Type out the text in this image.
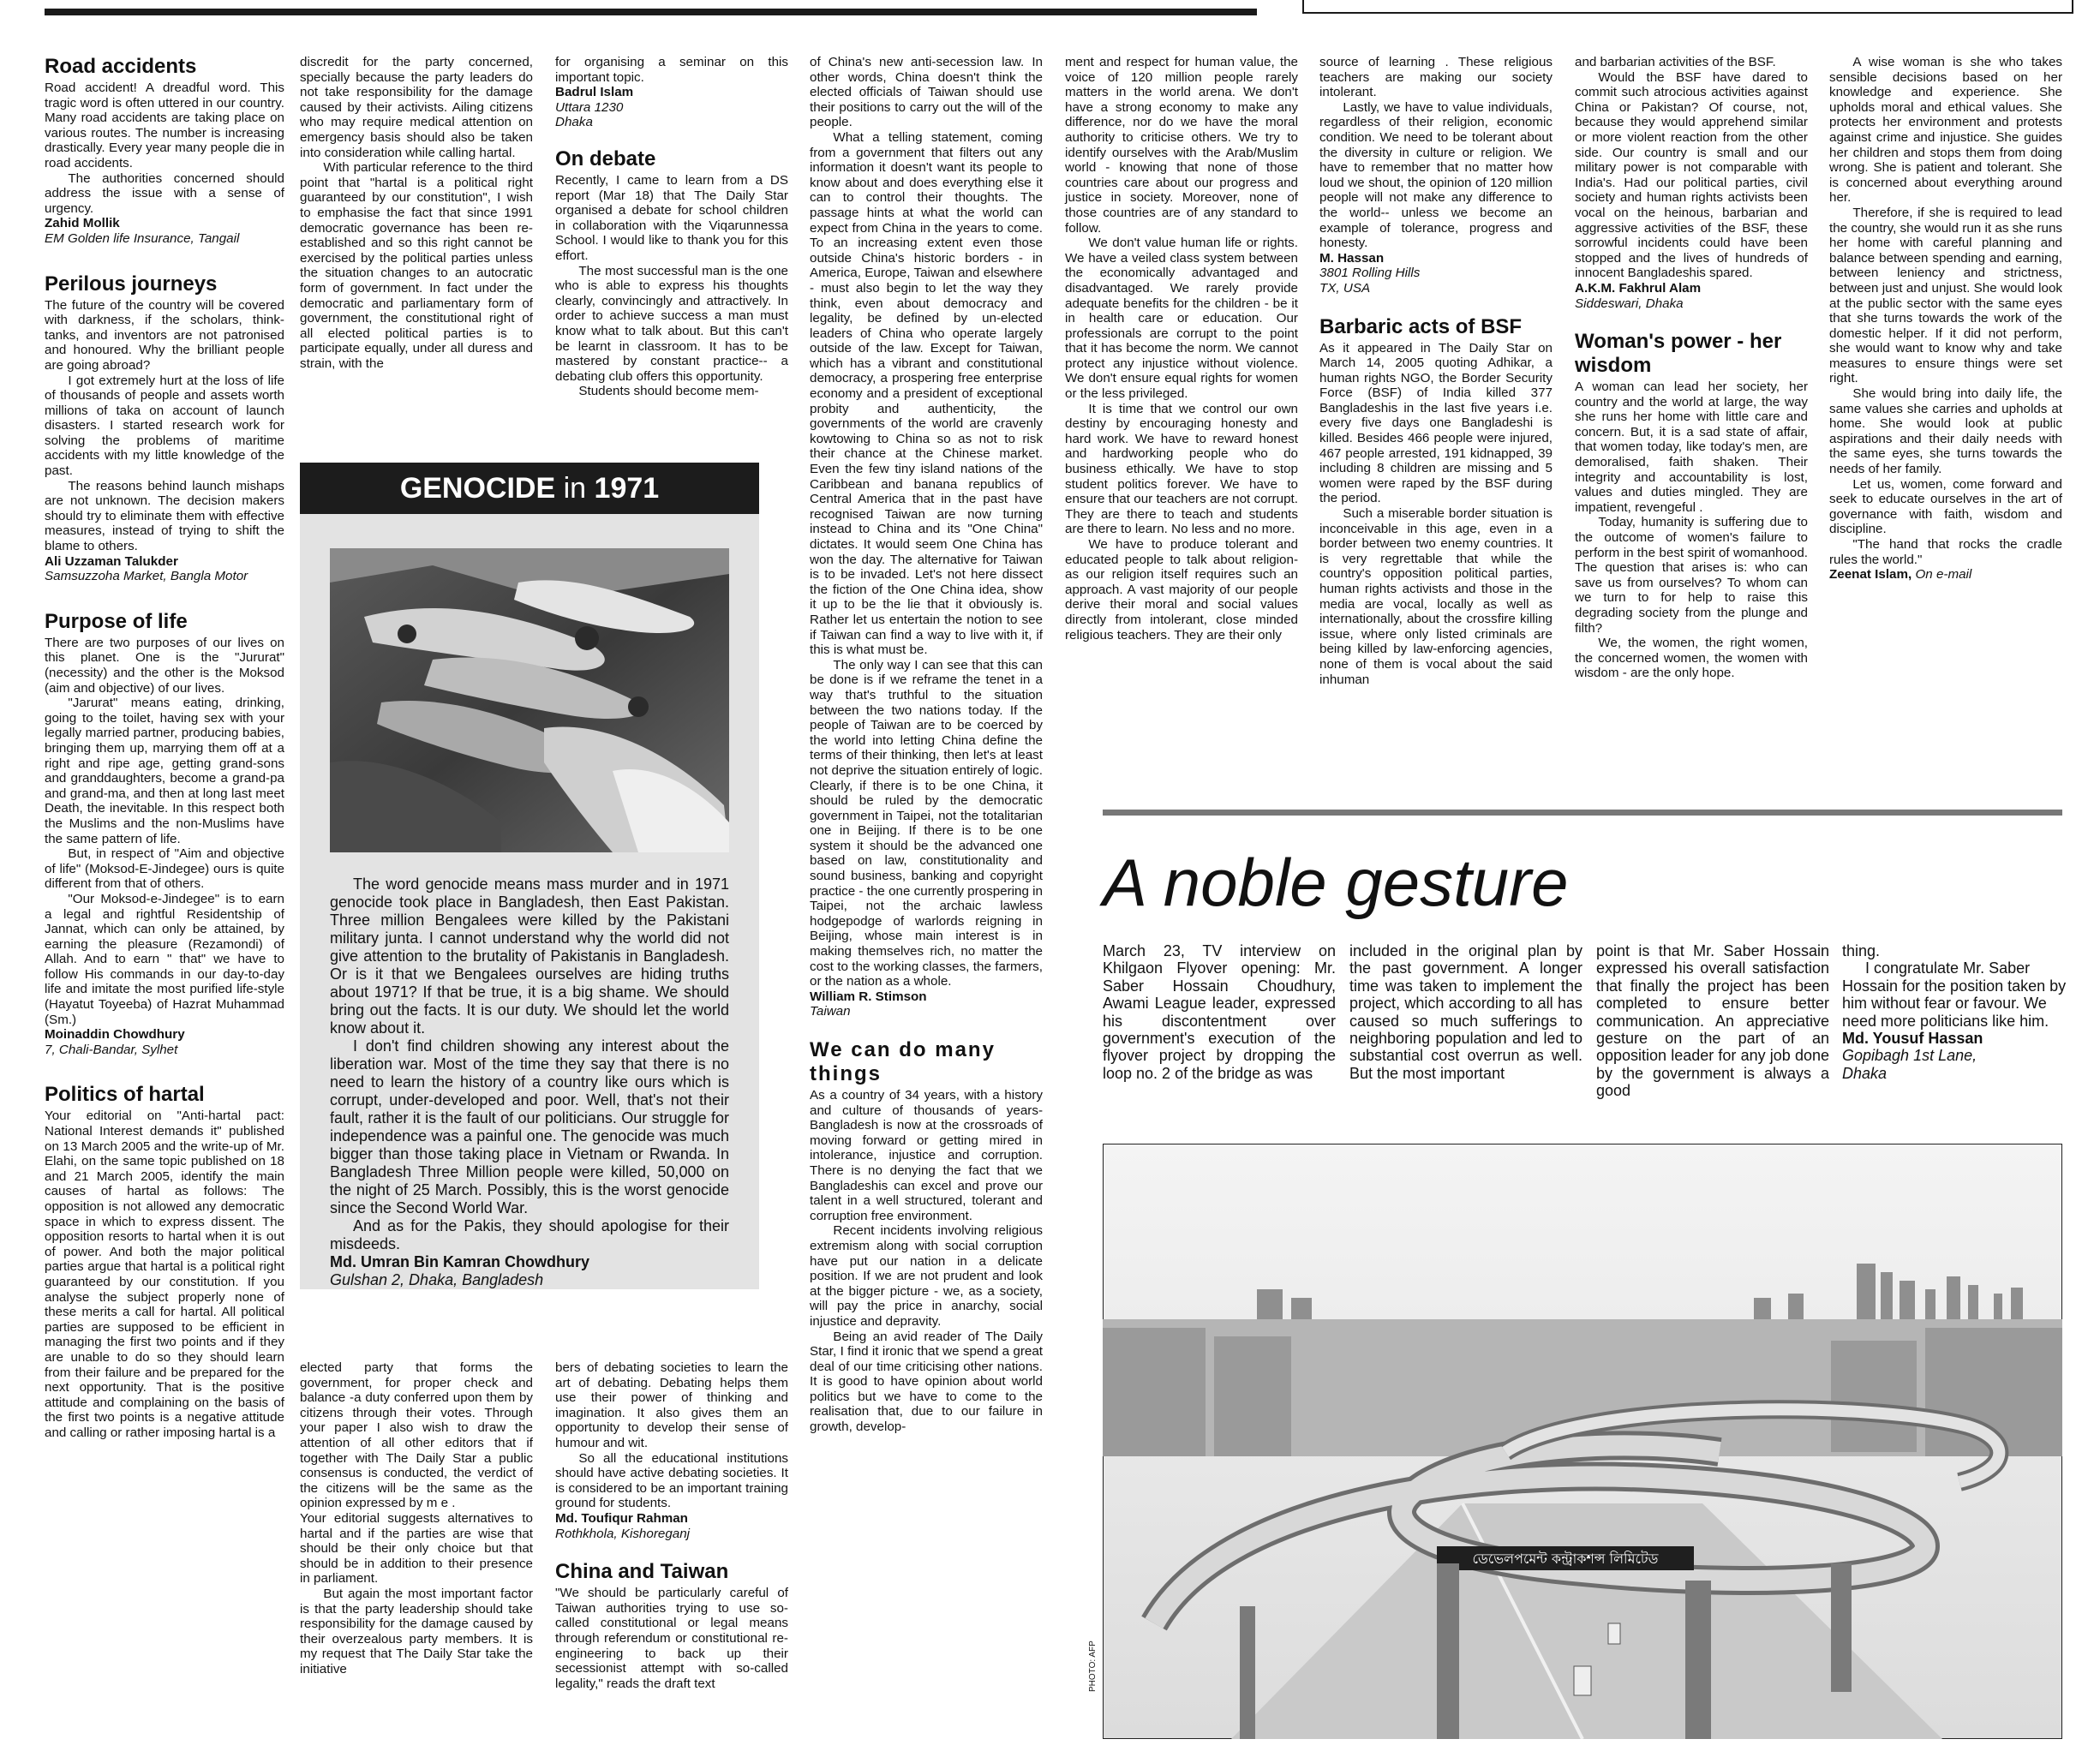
Road accidents

Road accident! A dreadful word. This tragic word is often uttered in our country. Many road accidents are taking place on various routes. The number is increasing drastically. Every year many people die in road accidents.

The authorities concerned should address the issue with a sense of urgency.

Zahid Mollik
EM Golden life Insurance, Tangail
Perilous journeys

The future of the country will be covered with darkness, if the scholars, think-tanks, and inventors are not patronised and honoured. Why the brilliant people are going abroad?

I got extremely hurt at the loss of life of thousands of people and assets worth millions of taka on account of launch disasters. I started research work for solving the problems of maritime accidents with my little knowledge of the past.

The reasons behind launch mishaps are not unknown. The decision makers should try to eliminate them with effective measures, instead of trying to shift the blame to others.

Ali Uzzaman Talukder
Samsuzzoha Market, Bangla Motor
Purpose of life

There are two purposes of our lives on this planet. One is the "Jururat" (necessity) and the other is the Moksod (aim and objective) of our lives.

"Jarurat" means eating, drinking, going to the toilet, having sex with your legally married partner, producing babies, bringing them up, marrying them off at a right and ripe age, getting grand-sons and granddaughters, become a grand-pa and grand-ma, and then at long last meet Death, the inevitable. In this respect both the Muslims and the non-Muslims have the same pattern of life.

But, in respect of "Aim and objective of life" (Moksod-E-Jindegee) ours is quite different from that of others.

"Our Moksod-e-Jindegee" is to earn a legal and rightful Residentship of Jannat, which can only be attained, by earning the pleasure (Rezamondi) of Allah. And to earn " that" we have to follow His commands in our day-to-day life and imitate the most purified life-style (Hayatut Toyeeba) of Hazrat Muhammad (Sm.)

Moinaddin Chowdhury
7, Chali-Bandar, Sylhet
Politics of hartal

Your editorial on "Anti-hartal pact: National Interest demands it" published on 13 March 2005 and the write-up of Mr. Elahi, on the same topic published on 18 and 21 March 2005, identify the main causes of hartal as follows: The opposition is not allowed any democratic space in which to express dissent. The opposition resorts to hartal when it is out of power. And both the major political parties argue that hartal is a political right guaranteed by our constitution. If you analyse the subject properly none of these merits a call for hartal. All political parties are supposed to be efficient in managing the first two points and if they are unable to do so they should learn from their failure and be prepared for the next opportunity. That is the positive attitude and complaining on the basis of the first two points is a negative attitude and calling or rather imposing hartal is a

discredit for the party concerned, specially because the party leaders do not take responsibility for the damage caused by their activists. Ailing citizens who may require medical attention on emergency basis should also be taken into consideration while calling hartal.

With particular reference to the third point that "hartal is a political right guaranteed by our constitution", I wish to emphasise the fact that since 1991 democratic governance has been re-established and so this right cannot be exercised by the political parties unless the situation changes to an autocratic form of government. In fact under the democratic and parliamentary form of government, the constitutional right of all elected political parties is to participate equally, under all duress and strain, with the

for organising a seminar on this important topic.

Badrul Islam
Uttara 1230
Dhaka
On debate

Recently, I came to learn from a DS report (Mar 18) that The Daily Star organised a debate for school children in collaboration with the Viqarunnessa School. I would like to thank you for this effort.

The most successful man is the one who is able to express his thoughts clearly, convincingly and attractively. In order to achieve success a man must know what to talk about. But this can't be learnt in classroom. It has to be mastered by constant practice-- a debating club offers this opportunity.

Students should become mem-

GENOCIDE in 1971

The word genocide means mass murder and in 1971 genocide took place in Bangladesh, then East Pakistan. Three million Bengalees were killed by the Pakistani military junta. I cannot understand why the world did not give attention to the brutality of Pakistanis in Bangladesh. Or is it that we Bengalees ourselves are hiding truths about 1971? If that be true, it is a big shame. We should bring out the facts. It is our duty. We should let the world know about it.

I don't find children showing any interest about the liberation war. Most of the time they say that there is no need to learn the history of a country like ours which is corrupt, under-developed and poor. Well, that's not their fault, rather it is the fault of our politicians. Our struggle for independence was a painful one. The genocide was much bigger than those taking place in Vietnam or Rwanda. In Bangladesh Three Million people were killed, 50,000 on the night of 25 March. Possibly, this is the worst genocide since the Second World War.

And as for the Pakis, they should apologise for their misdeeds.

Md. Umran Bin Kamran Chowdhury
Gulshan 2, Dhaka, Bangladesh

elected party that forms the government, for proper check and balance -a duty conferred upon them by citizens through their votes. Through your paper I also wish to draw the attention of all other editors that if together with The Daily Star a public consensus is conducted, the verdict of the citizens will be the same as the opinion expressed by m e .

Your editorial suggests alternatives to hartal and if the parties are wise that should be their only choice but that should be in addition to their presence in parliament.

But again the most important factor is that the party leadership should take responsibility for the damage caused by their overzealous party members. It is my request that The Daily Star take the initiative

bers of debating societies to learn the art of debating. Debating helps them use their power of thinking and imagination. It also gives them an opportunity to develop their sense of humour and wit.

So all the educational institutions should have active debating societies. It is considered to be an important training ground for students.

Md. Toufiqur Rahman
Rothkhola, Kishoreganj
China and Taiwan

"We should be particularly careful of Taiwan authorities trying to use so-called constitutional or legal means through referendum or constitutional re-engineering to back up their secessionist attempt with so-called legality," reads the draft text

of China's new anti-secession law. In other words, China doesn't think the elected officials of Taiwan should use their positions to carry out the will of the people.

What a telling statement, coming from a government that filters out any information it doesn't want its people to know about and does everything else it can to control their thoughts. The passage hints at what the world can expect from China in the years to come. To an increasing extent even those outside China's historic borders - in America, Europe, Taiwan and elsewhere - must also begin to let the way they think, even about democracy and legality, be defined by un-elected leaders of China who operate largely outside of the law. Except for Taiwan, which has a vibrant and constitutional democracy, a prospering free enterprise economy and a president of exceptional probity and authenticity, the governments of the world are cravenly kowtowing to China so as not to risk their chance at the Chinese market. Even the few tiny island nations of the Caribbean and banana republics of Central America that in the past have recognised Taiwan are now turning instead to China and its "One China" dictates. It would seem One China has won the day. The alternative for Taiwan is to be invaded. Let's not here dissect the fiction of the One China idea, show it up to be the lie that it obviously is. Rather let us entertain the notion to see if Taiwan can find a way to live with it, if this is what must be.

The only way I can see that this can be done is if we reframe the tenet in a way that's truthful to the situation between the two nations today. If the people of Taiwan are to be coerced by the world into letting China define the terms of their thinking, then let's at least not deprive the situation entirely of logic. Clearly, if there is to be one China, it should be ruled by the democratic government in Taipei, not the totalitarian one in Beijing. If there is to be one system it should be the advanced one based on law, constitutionality and sound business, banking and copyright practice - the one currently prospering in Taipei, not the archaic lawless hodgepodge of warlords reigning in Beijing, whose main interest is in making themselves rich, no matter the cost to the working classes, the farmers, or the nation as a whole.

William R. Stimson
Taiwan
We can do many things

As a country of 34 years, with a history and culture of thousands of years- Bangladesh is now at the crossroads of moving forward or getting mired in intolerance, injustice and corruption. There is no denying the fact that we Bangladeshis can excel and prove our talent in a well structured, tolerant and corruption free environment.

Recent incidents involving religious extremism along with social corruption have put our nation in a delicate position. If we are not prudent and look at the bigger picture - we, as a society, will pay the price in anarchy, social injustice and depravity.

Being an avid reader of The Daily Star, I find it ironic that we spend a great deal of our time criticising other nations. It is good to have opinion about world politics but we have to come to the realisation that, due to our failure in growth, develop-

ment and respect for human value, the voice of 120 million people rarely matters in the world arena. We don't have a strong economy to make any difference, nor do we have the moral authority to criticise others. We try to identify ourselves with the Arab/Muslim world - knowing that none of those countries care about our progress and justice in society. Moreover, none of those countries are of any standard to follow.

We don't value human life or rights. We have a veiled class system between the economically advantaged and disadvantaged. We rarely provide adequate benefits for the children - be it in health care or education. Our professionals are corrupt to the point that it has become the norm. We cannot protect any injustice without violence. We don't ensure equal rights for women or the less privileged.

It is time that we control our own destiny by encouraging honesty and hard work. We have to reward honest and hardworking people who do business ethically. We have to stop student politics forever. We have to ensure that our teachers are not corrupt. They are there to teach and students are there to learn. No less and no more.

We have to produce tolerant and educated people to talk about religion- as our religion itself requires such an approach. A vast majority of our people derive their moral and social values directly from intolerant, close minded religious teachers. They are their only

source of learning . These religious teachers are making our society intolerant.

Lastly, we have to value individuals, regardless of their religion, economic condition. We need to be tolerant about the diversity in culture or religion. We have to remember that no matter how loud we shout, the opinion of 120 million people will not make any difference to the world-- unless we become an example of tolerance, progress and honesty.

M. Hassan
3801 Rolling Hills
TX, USA
Barbaric acts of BSF

As it appeared in The Daily Star on March 14, 2005 quoting Adhikar, a human rights NGO, the Border Security Force (BSF) of India killed 377 Bangladeshis in the last five years i.e. every five days one Bangladeshi is killed. Besides 466 people were injured, 467 people arrested, 191 kidnapped, 39 including 8 children are missing and 5 women were raped by the BSF during the period.

Such a miserable border situation is inconceivable in this age, even in a border between two enemy countries. It is very regrettable that while the country's opposition political parties, human rights activists and those in the media are vocal, locally as well as internationally, about the crossfire killing issue, where only listed criminals are being killed by law-enforcing agencies, none of them is vocal about the said inhuman

and barbarian activities of the BSF.

Would the BSF have dared to commit such atrocious activities against China or Pakistan? Of course, not, because they would apprehend similar or more violent reaction from the other side. Our country is small and our military power is not comparable with India's. Had our political parties, civil society and human rights activists been vocal on the heinous, barbarian and aggressive activities of the BSF, these sorrowful incidents could have been stopped and the lives of hundreds of innocent Bangladeshis spared.

A.K.M. Fakhrul Alam
Siddeswari, Dhaka
Woman's power - her wisdom

A woman can lead her society, her country and the world at large, the way she runs her home with little care and concern. But, it is a sad state of affair, that women today, like today's men, are demoralised, faith shaken. Their integrity and accountability is lost, values and duties mingled. They are impatient, revengeful .

Today, humanity is suffering due to the outcome of women's failure to perform in the best spirit of womanhood. The question that arises is: who can save us from ourselves? To whom can we turn to for help to raise this degrading society from the plunge and filth?

We, the women, the right women, the concerned women, the women with wisdom - are the only hope.

A wise woman is she who takes sensible decisions based on her knowledge and experience. She upholds moral and ethical values. She protects her environment and protests against crime and injustice. She guides her children and stops them from doing wrong. She is patient and tolerant. She is concerned about everything around her.

Therefore, if she is required to lead the country, she would run it as she runs her home with careful planning and balance between spending and earning, between leniency and strictness, between just and unjust. She would look at the public sector with the same eyes that she turns towards the work of the domestic helper. If it did not perform, she would want to know why and take measures to ensure things were set right.

She would bring into daily life, the same values she carries and upholds at home. She would look at public aspirations and their daily needs with the same eyes, she turns towards the needs of her family.

Let us, women, come forward and seek to educate ourselves in the art of governance with faith, wisdom and discipline.

"The hand that rocks the cradle rules the world."

Zeenat Islam, On e-mail
A noble gesture

March 23, TV interview on Khilgaon Flyover opening: Mr. Saber Hossain Choudhury, Awami League leader, expressed his discontentment over government's execution of the flyover project by dropping the loop no. 2 of the bridge as was

included in the original plan by the past government. A longer time was taken to implement the project, which according to all has caused so much sufferings to neighboring population and led to substantial cost overrun as well. But the most important

point is that Mr. Saber Hossain expressed his overall satisfaction that finally the project has been completed to ensure better communication. An appreciative gesture on the part of an opposition leader for any job done by the government is always a good

thing.

I congratulate Mr. Saber Hossain for the position taken by him without fear or favour. We need more politicians like him.

Md. Yousuf Hassan
Gopibagh 1st Lane,
Dhaka
ডেভেলপমেন্ট কন্ট্রাকশন্স লিমিটেড
PHOTO: AFP
